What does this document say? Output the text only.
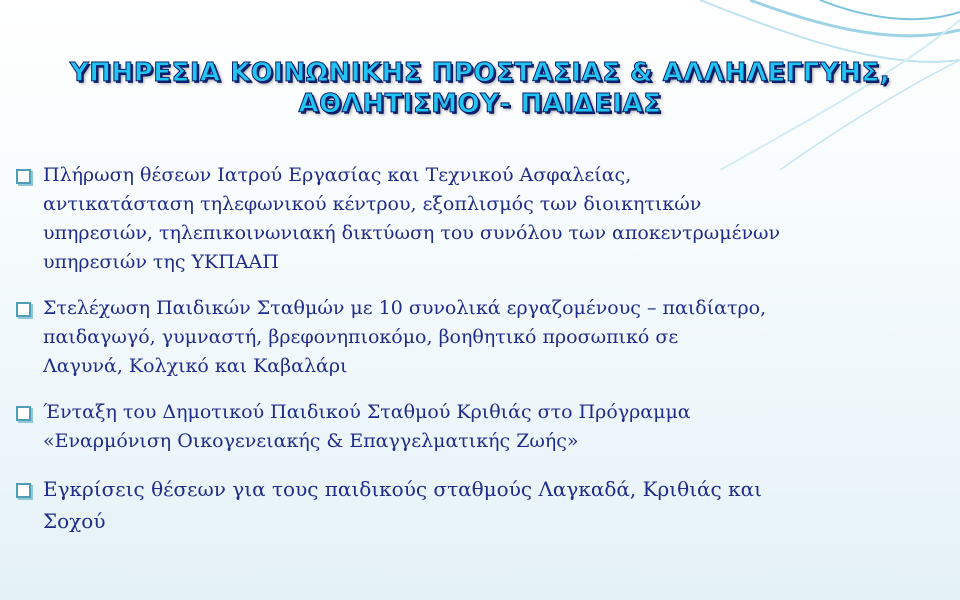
ΥΠΗΡΕΣΙΑ ΚΟΙΝΩΝΙΚΗΣ ΠΡΟΣΤΑΣΙΑΣ & ΑΛΛΗΛΕΓΓΥΗΣ,
ΑΘΛΗΤΙΣΜΟΥ- ΠΑΙΔΕΙΑΣ
Πλήρωση θέσεων Ιατρού Εργασίας και Τεχνικού Ασφαλείας,
αντικατάσταση τηλεφωνικού κέντρου, εξοπλισμός των διοικητικών
υπηρεσιών, τηλεπικοινωνιακή δικτύωση του συνόλου των αποκεντρωμένων
υπηρεσιών της ΥΚΠΑΑΠ
Στελέχωση Παιδικών Σταθμών με 10 συνολικά εργαζομένους – παιδίατρο,
παιδαγωγό, γυμναστή, βρεφονηπιοκόμο, βοηθητικό προσωπικό σε
Λαγυνά, Κολχικό και Καβαλάρι
Ένταξη του Δημοτικού Παιδικού Σταθμού Κριθιάς στο Πρόγραμμα
«Εναρμόνιση Οικογενειακής & Επαγγελματικής Ζωής»
Εγκρίσεις θέσεων για τους παιδικούς σταθμούς Λαγκαδά, Κριθιάς και
Σοχού
